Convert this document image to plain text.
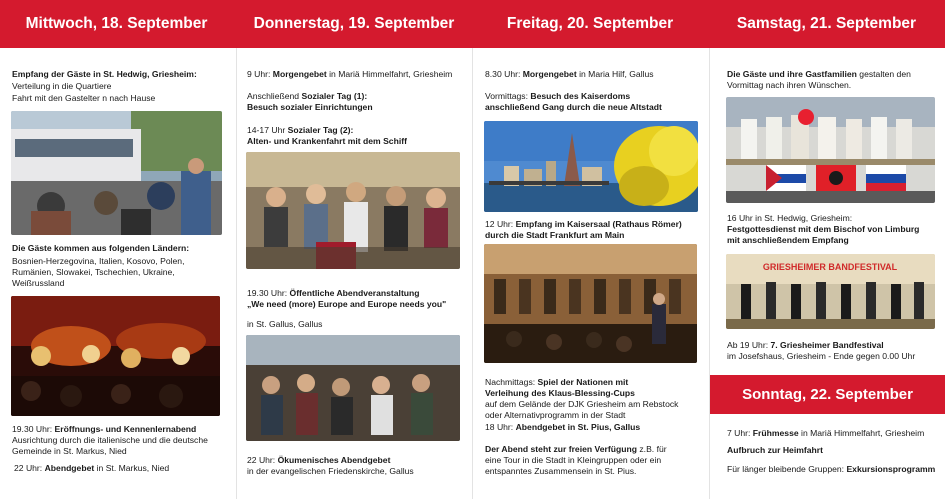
Mittwoch, 18. September	Donnerstag, 19. September	Freitag, 20. September	Samstag, 21. September
Empfang der Gäste in St. Hedwig, Griesheim:
Verteilung in die Quartiere
Fahrt mit den Gastelter n nach Hause
Die Gäste kommen aus folgenden Ländern:
Bosnien-Herzegovina, Italien, Kosovo, Polen,
Rumänien, Slowakei, Tschechien, Ukraine,
Weißrussland
19.30 Uhr: Eröffnungs- und Kennenlernabend
Ausrichtung durch die italienische und die deutsche
Gemeinde in St. Markus, Nied
22 Uhr: Abendgebet in St. Markus, Nied
9 Uhr: Morgengebet in Mariä Himmelfahrt, Griesheim
Anschließend Sozialer Tag (1):
Besuch sozialer Einrichtungen
14-17 Uhr Sozialer Tag (2):
Alten- und Krankenfahrt mit dem Schiff
19.30 Uhr: Öffentliche Abendveranstaltung
„We need (more) Europe and Europe needs you"
in St. Gallus, Gallus
22 Uhr: Ökumenisches Abendgebet
in der evangelischen Friedenskirche, Gallus
8.30 Uhr: Morgengebet in Maria Hilf, Gallus
Vormittags: Besuch des Kaiserdoms
anschließend Gang durch die neue Altstadt
12 Uhr: Empfang im Kaisersaal (Rathaus Römer)
durch die Stadt Frankfurt am Main
Nachmittags: Spiel der Nationen mit
Verleihung des Klaus-Blessing-Cups
auf dem Gelände der DJK Griesheim am Rebstock
oder Alternativprogramm in der Stadt
18 Uhr: Abendgebet in St. Pius, Gallus
Der Abend steht zur freien Verfügung z.B. für
eine Tour in die Stadt in Kleingruppen oder ein
entspanntes Zusammensein in St. Pius.
Die Gäste und ihre Gastfamilien gestalten den
Vormittag nach ihren Wünschen.
16 Uhr in St. Hedwig, Griesheim:
Festgottesdienst mit dem Bischof von Limburg
mit anschließendem Empfang
GRIESHEIMER BANDFESTIVAL
Ab 19 Uhr: 7. Griesheimer Bandfestival
im Josefshaus, Griesheim - Ende gegen 0.00 Uhr
7 Uhr: Frühmesse in Mariä Himmelfahrt, Griesheim
Aufbruch zur Heimfahrt
Für länger bleibende Gruppen: Exkursionsprogramm
Sonntag, 22. September
